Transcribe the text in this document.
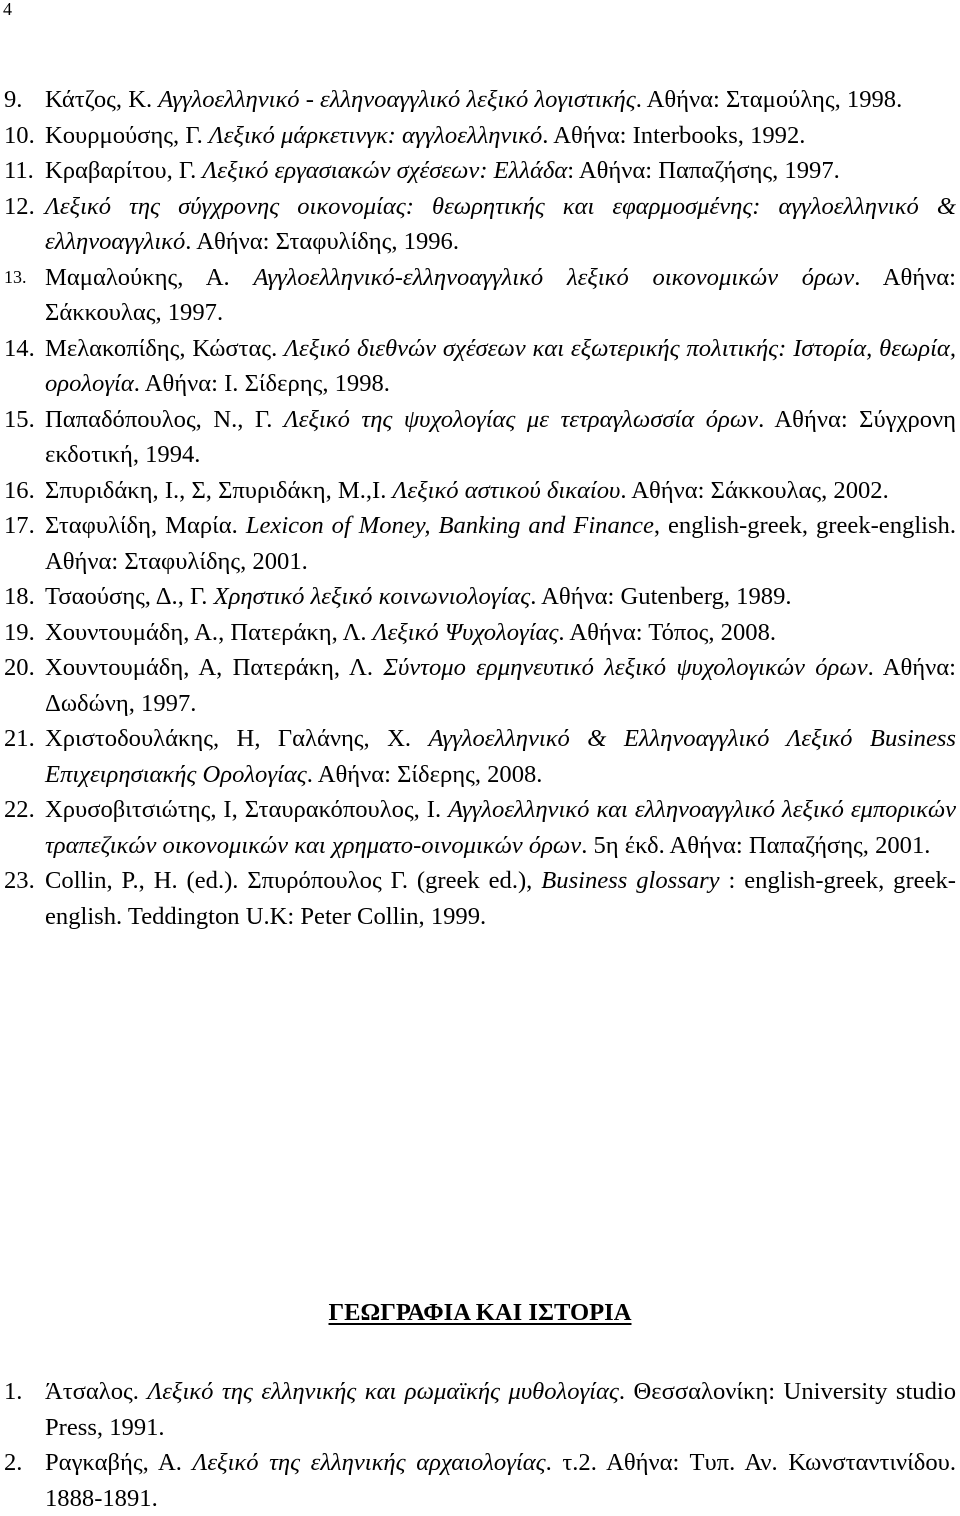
4
9. Κάτζος, Κ. Αγγλοελληνικό - ελληνοαγγλικό λεξικό λογιστικής. Αθήνα: Σταμούλης, 1998.
10. Κουρμούσης, Γ. Λεξικό μάρκετινγκ: αγγλοελληνικό. Αθήνα: Interbooks, 1992.
11. Κραβαρίτου, Γ. Λεξικό εργασιακών σχέσεων: Ελλάδα: Αθήνα: Παπαζήσης, 1997.
12. Λεξικό της σύγχρονης οικονομίας: θεωρητικής και εφαρμοσμένης: αγγλοελληνικό & ελληνοαγγλικό. Αθήνα: Σταφυλίδης, 1996.
13. Μαμαλούκης, Α. Αγγλοελληνικό-ελληνοαγγλικό λεξικό οικονομικών όρων. Αθήνα: Σάκκουλας, 1997.
14. Μελακοπίδης, Κώστας. Λεξικό διεθνών σχέσεων και εξωτερικής πολιτικής: Ιστορία, θεωρία, ορολογία. Αθήνα: Ι. Σίδερης, 1998.
15. Παπαδόπουλος, Ν., Γ. Λεξικό της ψυχολογίας με τετραγλωσσία όρων. Αθήνα: Σύγχρονη εκδοτική, 1994.
16. Σπυριδάκη, Ι., Σ, Σπυριδάκη, Μ.,Ι. Λεξικό αστικού δικαίου. Αθήνα: Σάκκουλας, 2002.
17. Σταφυλίδη, Μαρία. Lexicon of Money, Banking and Finance, english-greek, greek-english. Αθήνα: Σταφυλίδης, 2001.
18. Τσαούσης, Δ., Γ. Χρηστικό λεξικό κοινωνιολογίας. Αθήνα: Gutenberg, 1989.
19. Χουντουμάδη, Α., Πατεράκη, Λ. Λεξικό Ψυχολογίας. Αθήνα: Τόπος, 2008.
20. Χουντουμάδη, Α, Πατεράκη, Λ. Σύντομο ερμηνευτικό λεξικό ψυχολογικών όρων. Αθήνα: Δωδώνη, 1997.
21. Χριστοδουλάκης, Η, Γαλάνης, Χ. Αγγλοελληνικό & Ελληνοαγγλικό Λεξικό Business Επιχειρησιακής Ορολογίας. Αθήνα: Σίδερης, 2008.
22. Χρυσοβιτσιώτης, Ι, Σταυρακόπουλος, Ι. Αγγλοελληνικό και ελληνοαγγλικό λεξικό εμπορικών τραπεζικών οικονομικών και χρηματο-οινομικών όρων. 5η έκδ. Αθήνα: Παπαζήσης, 2001.
23. Collin, P., H. (ed.). Σπυρόπουλος Γ. (greek ed.), Business glossary : english-greek, greek-english. Teddington U.K: Peter Collin, 1999.
ΓΕΩΓΡΑΦΙΑ ΚΑΙ ΙΣΤΟΡΙΑ
1. Άτσαλος. Λεξικό της ελληνικής και ρωμαϊκής μυθολογίας. Θεσσαλονίκη: University studio Press, 1991.
2. Ραγκαβής, Α. Λεξικό της ελληνικής αρχαιολογίας. τ.2. Αθήνα: Τυπ. Αν. Κωνσταντινίδου. 1888-1891.
